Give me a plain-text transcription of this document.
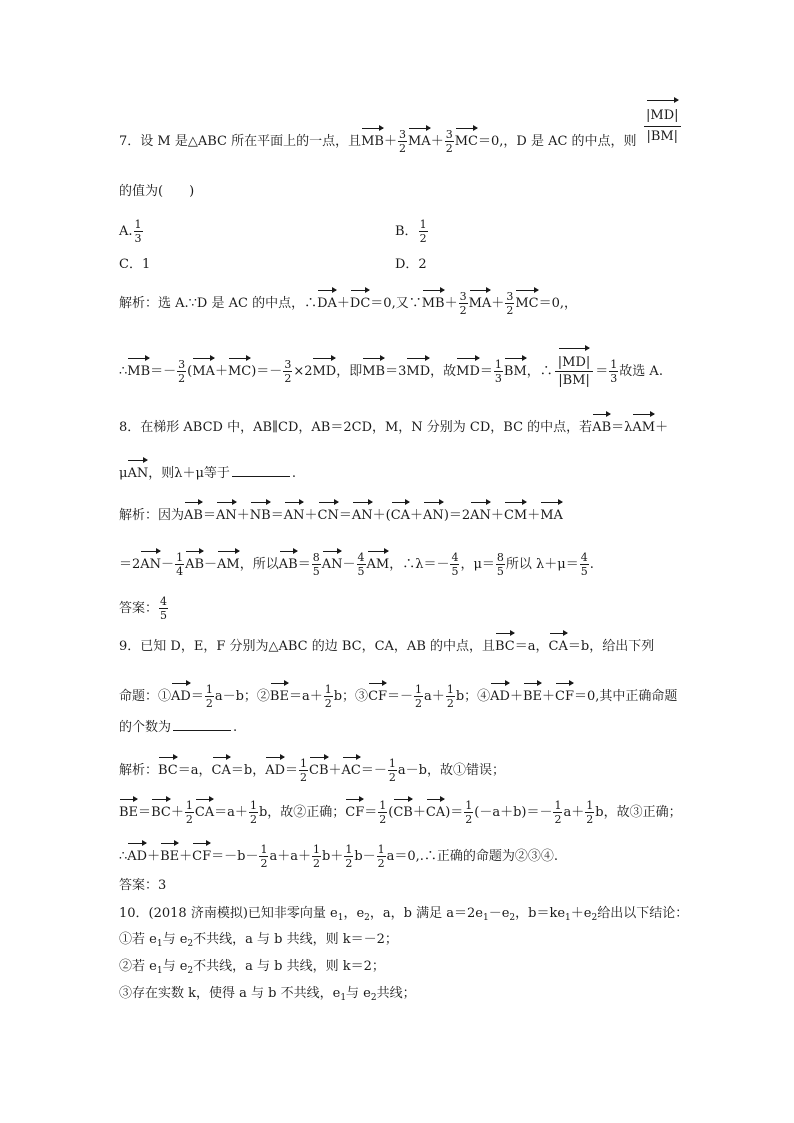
7．设 M 是△ABC 所在平面上的一点，且$MB+ \frac{3}{2} MA+ \frac{3}{2} MC=0$,，D 是 AC 的中点，则
|MD|
|BM|
的值为(　　)
A. $\frac{1}{3}$	B． $\frac{1}{2}$
C．1	D．2
解析：选 A.∵D 是 AC 的中点，∴DA＋DC＝0,又∵MB＋ $\frac{3}{2} MA+ \frac{3}{2} MC=0$,，
∴MB＝－ $\frac{3}{2} (MA+MC)=- \frac{3}{2} \times 2MD$，即MB＝3MD，故$MD= \frac{1}{3}$ BM，∴ $\frac{|MD|}{|BM|} = \frac{1}{3}$ 故选 A.
8．在梯形 ABCD 中，AB∥CD，AB＝2CD，M，N 分别为 CD，BC 的中点，若AB＝λAM＋
μAN，则λ＋μ等于	.
解析：因为AB＝AN＋NB＝AN＋CN＝AN＋(CA＋AN)＝2AN＋CM＋MA
$=2AN- \frac{1}{4} AB-AM$，所以$AB= \frac{8}{5} AN- \frac{4}{5}$ AM，∴λ＝－ $\frac{4}{5}$ ，$\mu= \frac{8}{5}$ 所以 $\lambda+\mu= \frac{4}{5}$ .
答案： $\frac{4}{5}$
9．已知 D，E，F 分别为△ABC 的边 BC，CA，AB 的中点，且BC＝a，CA＝b，给出下列
命题：①AD＝ $\frac{1}{2} a-b$；②BE＝a＋ $\frac{1}{2}$ b；③CF＝－ $\frac{1}{2} a+ \frac{1}{2}$ b；④AD＋BE＋CF＝0,其中正确命题
的个数为	.
解析：BC＝a，CA＝b，$AD= \frac{1}{2} CB+AC=- \frac{1}{2} a-b$，故①错误；
$BE=BC+ \frac{1}{2} CA=a+ \frac{1}{2}$ b，故②正确；$CF= \frac{1}{2} (CB+CA)= \frac{1}{2} (-a+b)=- \frac{1}{2} a+ \frac{1}{2}$ b，故③正确；
∴AD＋BE＋CF＝－b－ $\frac{1}{2} a+a+ \frac{1}{2} b+ \frac{1}{2} b- \frac{1}{2}$ a＝0,.∴正确的命题为②③④.
答案：3
10．(2018 济南模拟)已知非零向量 $e_1$，$e_2$，a，b 满足 $a=2e_1-e_2$，$b=ke_1+e_2$给出以下结论：
①若 $e_1$与 $e_2$不共线，a 与 b 共线，则 k＝－2；
②若 $e_1$与 $e_2$不共线，a 与 b 共线，则 k＝2；
③存在实数 k，使得 a 与 b 不共线，$e_1$与 $e_2$共线；
